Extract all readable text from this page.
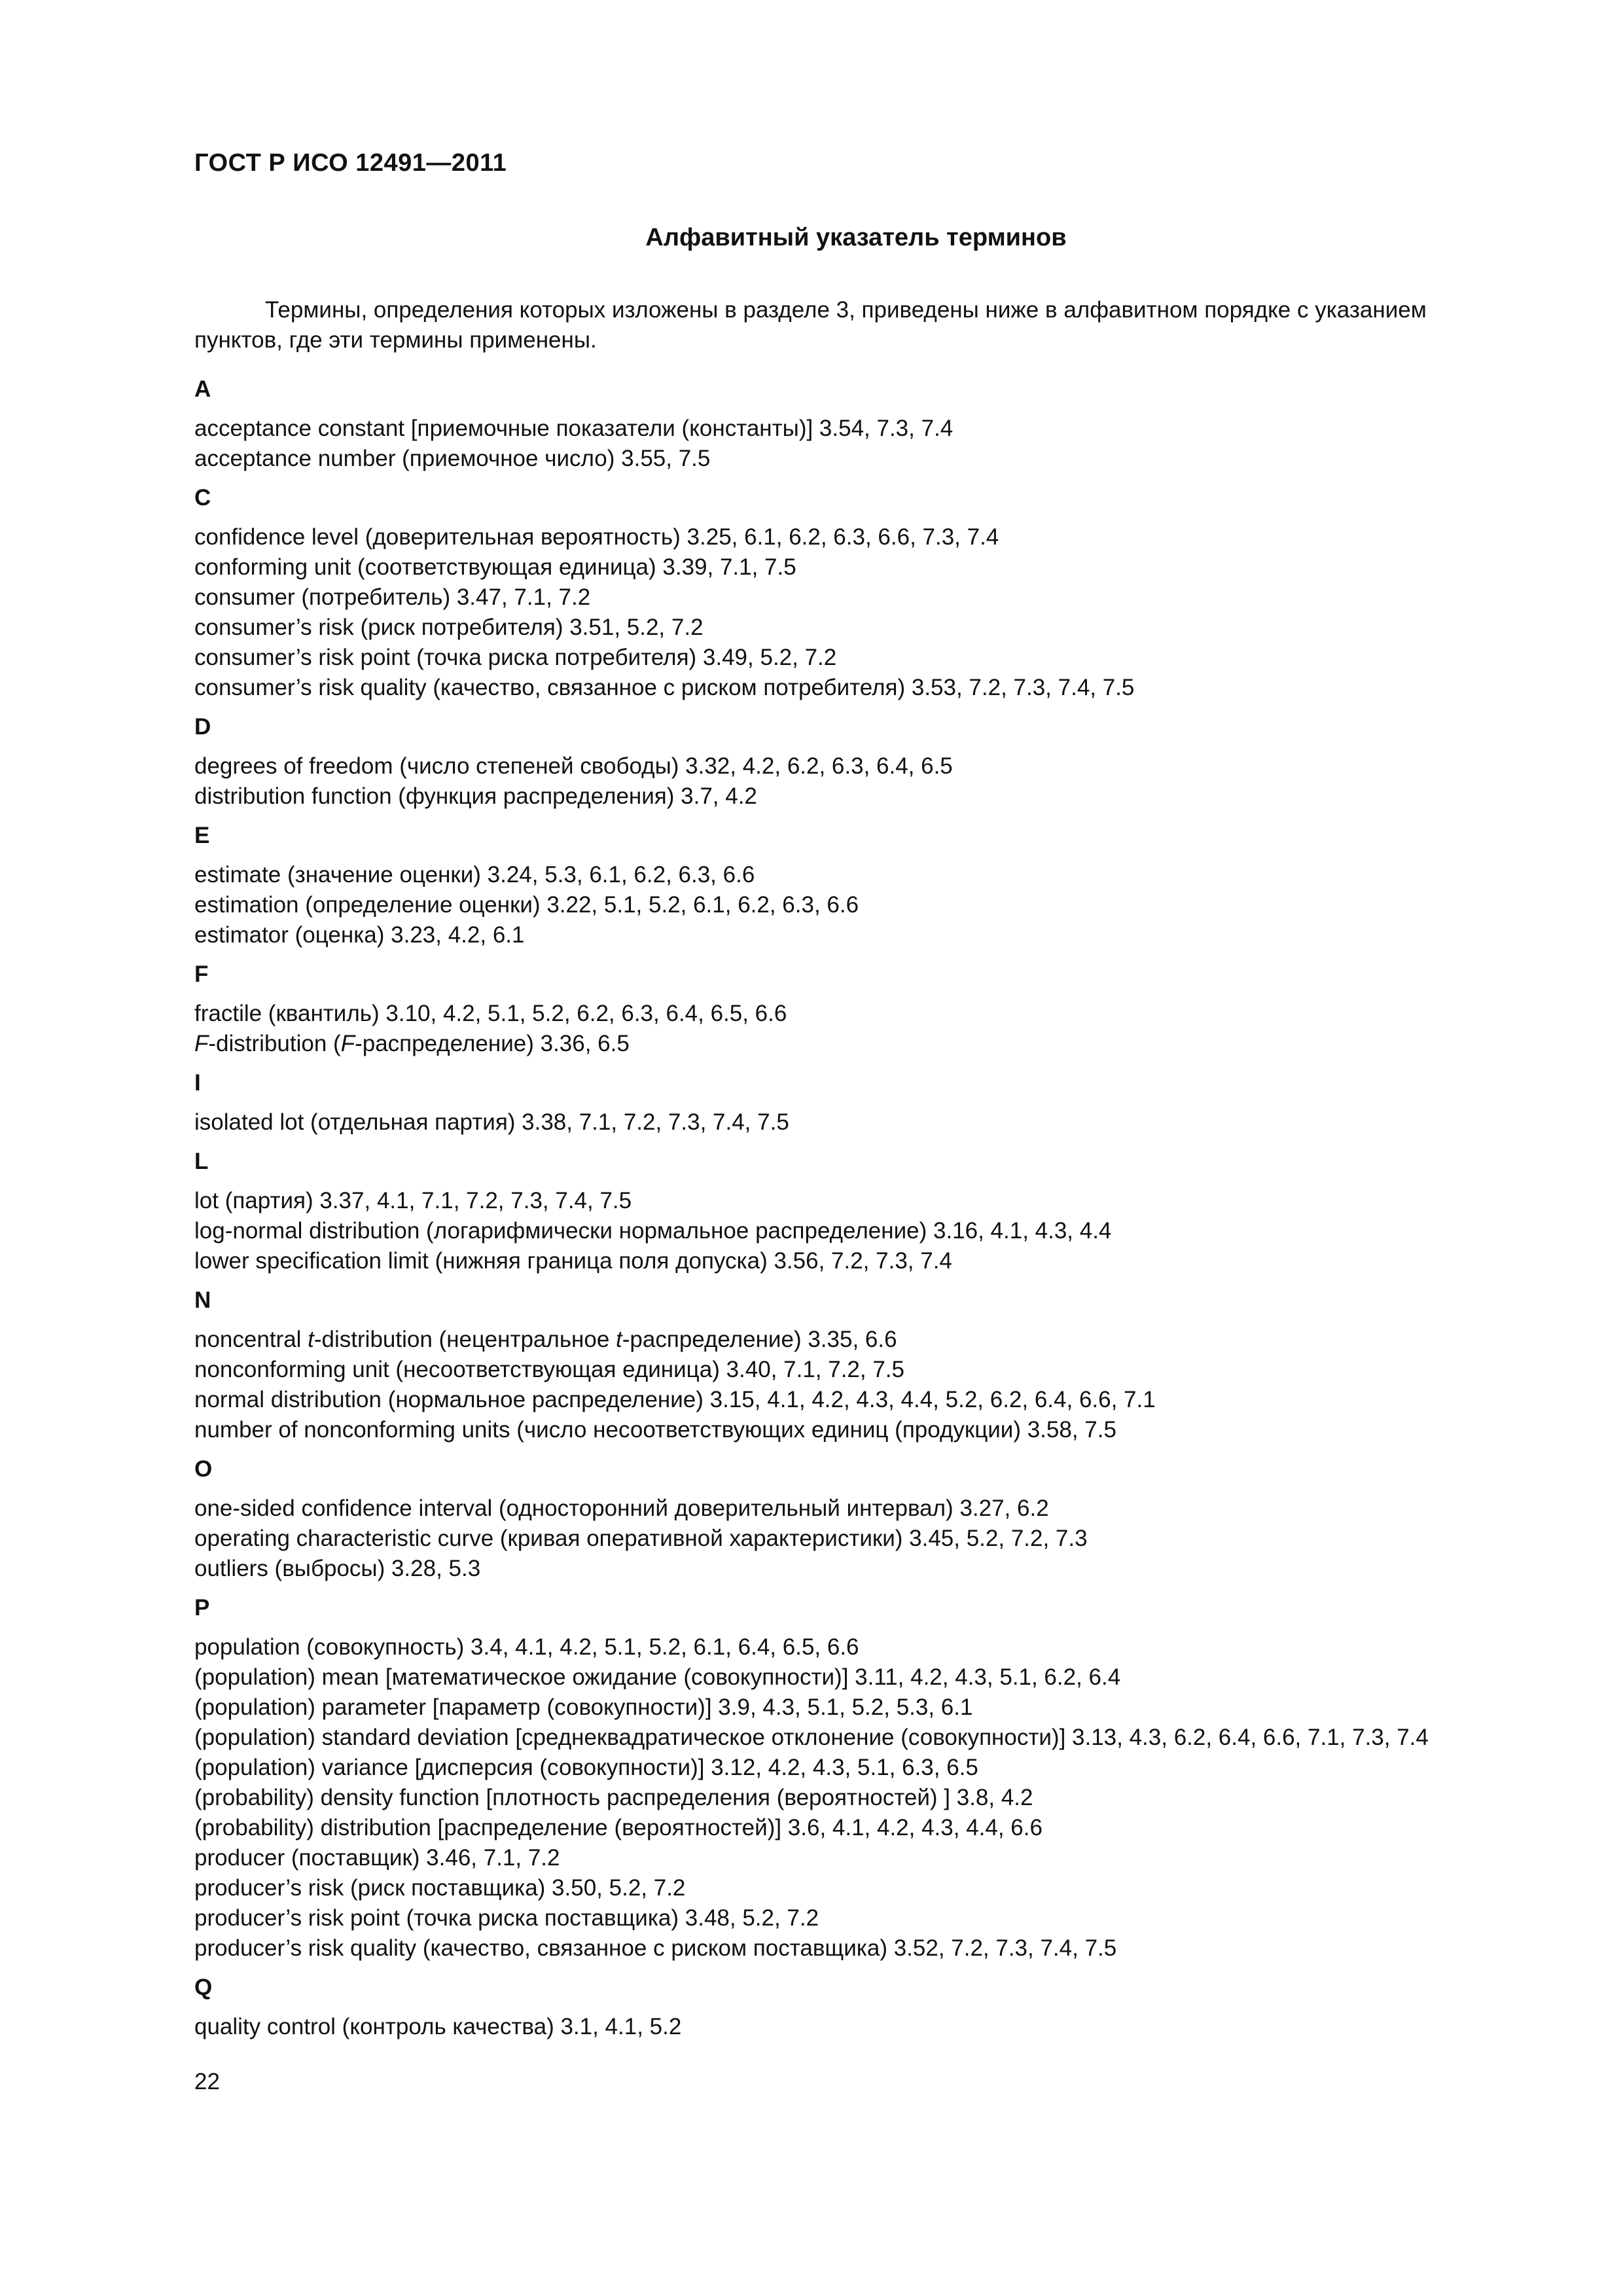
ГОСТ Р ИСО 12491—2011
Алфавитный указатель терминов

Термины, определения которых изложены в разделе 3, приведены ниже в алфавитном порядке с указанием пунктов, где эти термины применены.

A
acceptance constant [приемочные показатели (константы)] 3.54, 7.3, 7.4
acceptance number (приемочное число) 3.55, 7.5
C
confidence level (доверительная вероятность) 3.25, 6.1, 6.2, 6.3, 6.6, 7.3, 7.4
conforming unit (соответствующая единица) 3.39, 7.1, 7.5
consumer (потребитель) 3.47, 7.1, 7.2
consumer’s risk (риск потребителя) 3.51, 5.2, 7.2
consumer’s risk point (точка риска потребителя) 3.49, 5.2, 7.2
consumer’s risk quality (качество, связанное с риском потребителя) 3.53, 7.2, 7.3, 7.4, 7.5
D
degrees of freedom (число степеней свободы) 3.32, 4.2, 6.2, 6.3, 6.4, 6.5
distribution function (функция распределения) 3.7, 4.2
E
estimate (значение оценки) 3.24, 5.3, 6.1, 6.2, 6.3, 6.6
estimation (определение оценки) 3.22, 5.1, 5.2, 6.1, 6.2, 6.3, 6.6
estimator (оценка) 3.23, 4.2, 6.1
F
fractile (квантиль) 3.10, 4.2, 5.1, 5.2, 6.2, 6.3, 6.4, 6.5, 6.6
F-distribution (F-распределение) 3.36, 6.5
I
isolated lot (отдельная партия) 3.38, 7.1, 7.2, 7.3, 7.4, 7.5
L
lot (партия) 3.37, 4.1, 7.1, 7.2, 7.3, 7.4, 7.5
log-normal distribution (логарифмически нормальное распределение) 3.16, 4.1, 4.3, 4.4
lower specification limit (нижняя граница поля допуска) 3.56, 7.2, 7.3, 7.4
N
noncentral t-distribution (нецентральное t-распределение) 3.35, 6.6
nonconforming unit (несоответствующая единица) 3.40, 7.1, 7.2, 7.5
normal distribution (нормальное распределение) 3.15, 4.1, 4.2, 4.3, 4.4, 5.2, 6.2, 6.4, 6.6, 7.1
number of nonconforming units (число несоответствующих единиц (продукции) 3.58, 7.5
O
one-sided confidence interval (односторонний доверительный интервал) 3.27, 6.2
operating characteristic curve (кривая оперативной характеристики) 3.45, 5.2, 7.2, 7.3
outliers (выбросы) 3.28, 5.3
P
population (совокупность) 3.4, 4.1, 4.2, 5.1, 5.2, 6.1, 6.4, 6.5, 6.6
(population) mean [математическое ожидание (совокупности)] 3.11, 4.2, 4.3, 5.1, 6.2, 6.4
(population) parameter [параметр (совокупности)] 3.9, 4.3, 5.1, 5.2, 5.3, 6.1
(population) standard deviation [среднеквадратическое отклонение (совокупности)] 3.13, 4.3, 6.2, 6.4, 6.6, 7.1, 7.3, 7.4
(population) variance [дисперсия (совокупности)] 3.12, 4.2, 4.3, 5.1, 6.3, 6.5
(probability) density function [плотность распределения (вероятностей) ] 3.8, 4.2
(probability) distribution [распределение (вероятностей)] 3.6, 4.1, 4.2, 4.3, 4.4, 6.6
producer (поставщик) 3.46, 7.1, 7.2
producer’s risk (риск поставщика) 3.50, 5.2, 7.2
producer’s risk point (точка риска поставщика) 3.48, 5.2, 7.2
producer’s risk quality (качество, связанное с риском поставщика) 3.52, 7.2, 7.3, 7.4, 7.5
Q
quality control (контроль качества) 3.1, 4.1, 5.2
22
